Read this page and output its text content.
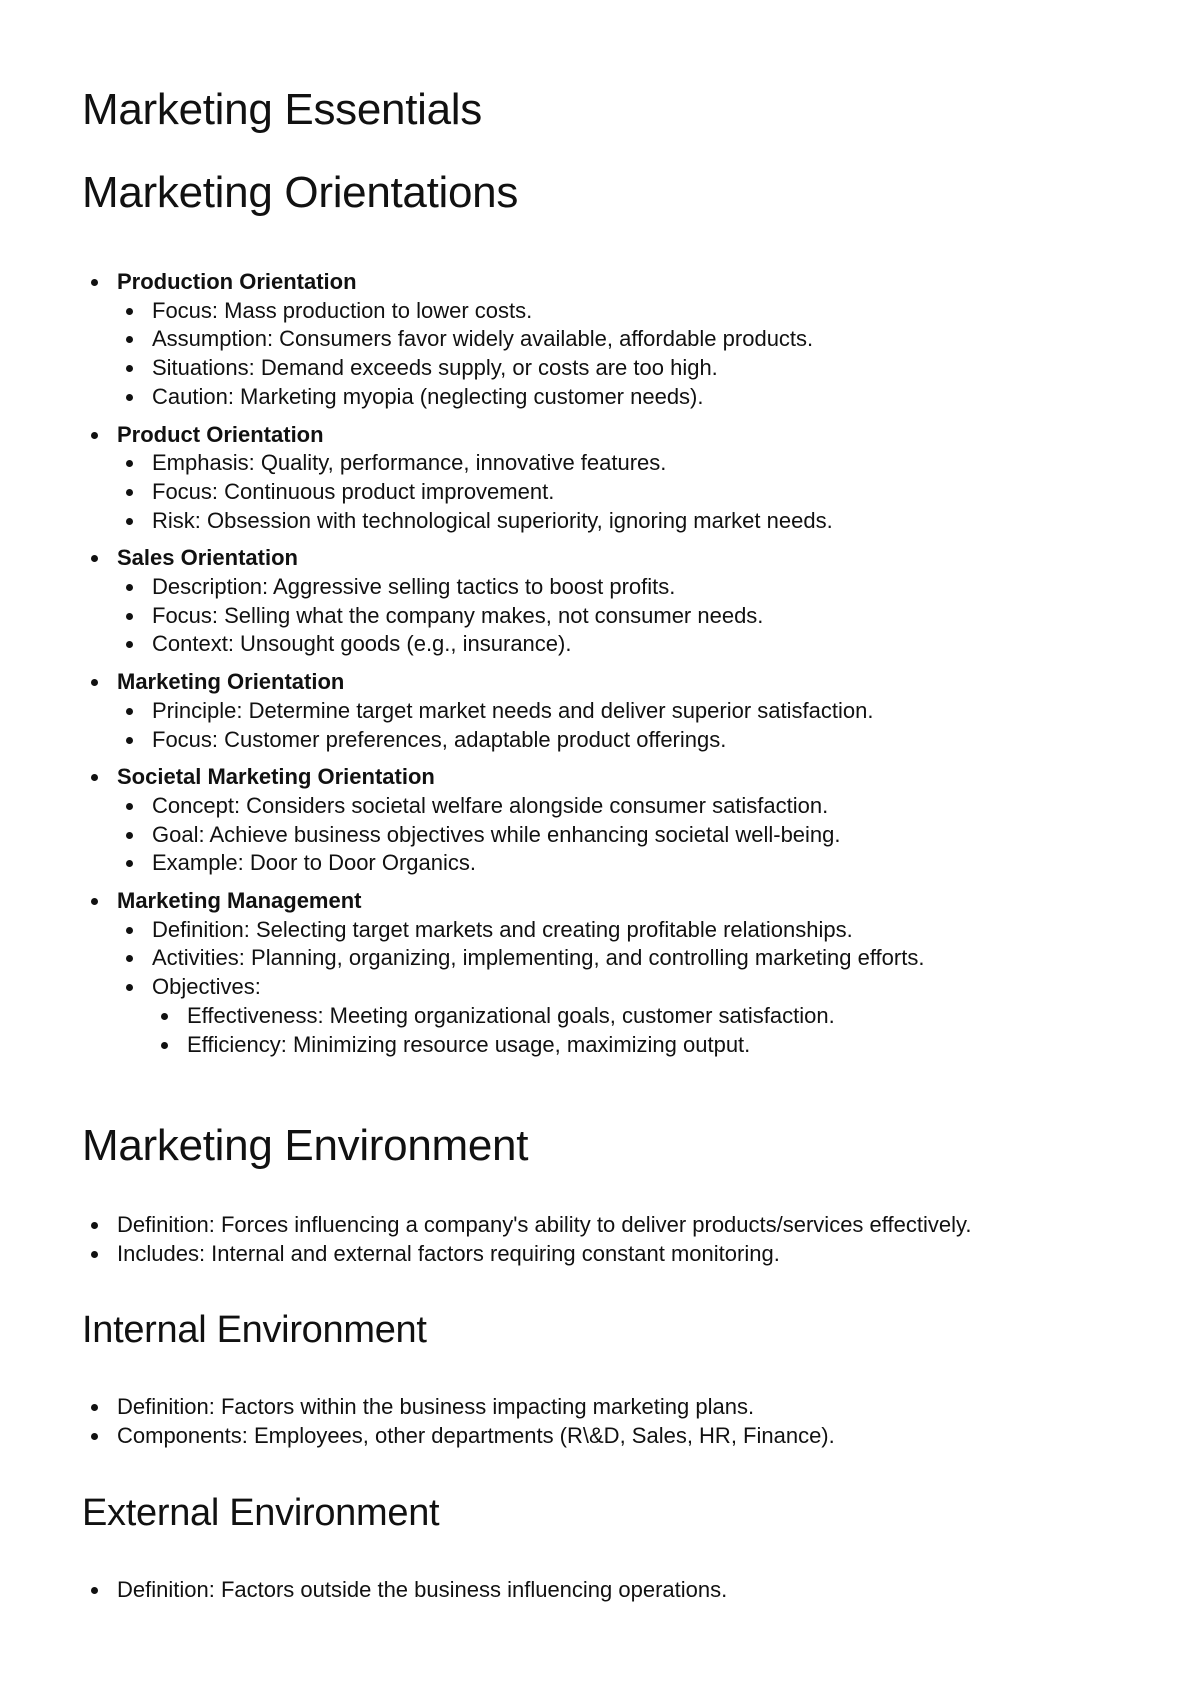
Marketing Essentials
Marketing Orientations
Production Orientation
Focus: Mass production to lower costs.
Assumption: Consumers favor widely available, affordable products.
Situations: Demand exceeds supply, or costs are too high.
Caution: Marketing myopia (neglecting customer needs).
Product Orientation
Emphasis: Quality, performance, innovative features.
Focus: Continuous product improvement.
Risk: Obsession with technological superiority, ignoring market needs.
Sales Orientation
Description: Aggressive selling tactics to boost profits.
Focus: Selling what the company makes, not consumer needs.
Context: Unsought goods (e.g., insurance).
Marketing Orientation
Principle: Determine target market needs and deliver superior satisfaction.
Focus: Customer preferences, adaptable product offerings.
Societal Marketing Orientation
Concept: Considers societal welfare alongside consumer satisfaction.
Goal: Achieve business objectives while enhancing societal well-being.
Example: Door to Door Organics.
Marketing Management
Definition: Selecting target markets and creating profitable relationships.
Activities: Planning, organizing, implementing, and controlling marketing efforts.
Objectives:
Effectiveness: Meeting organizational goals, customer satisfaction.
Efficiency: Minimizing resource usage, maximizing output.
Marketing Environment
Definition: Forces influencing a company's ability to deliver products/services effectively.
Includes: Internal and external factors requiring constant monitoring.
Internal Environment
Definition: Factors within the business impacting marketing plans.
Components: Employees, other departments (R\&D, Sales, HR, Finance).
External Environment
Definition: Factors outside the business influencing operations.
